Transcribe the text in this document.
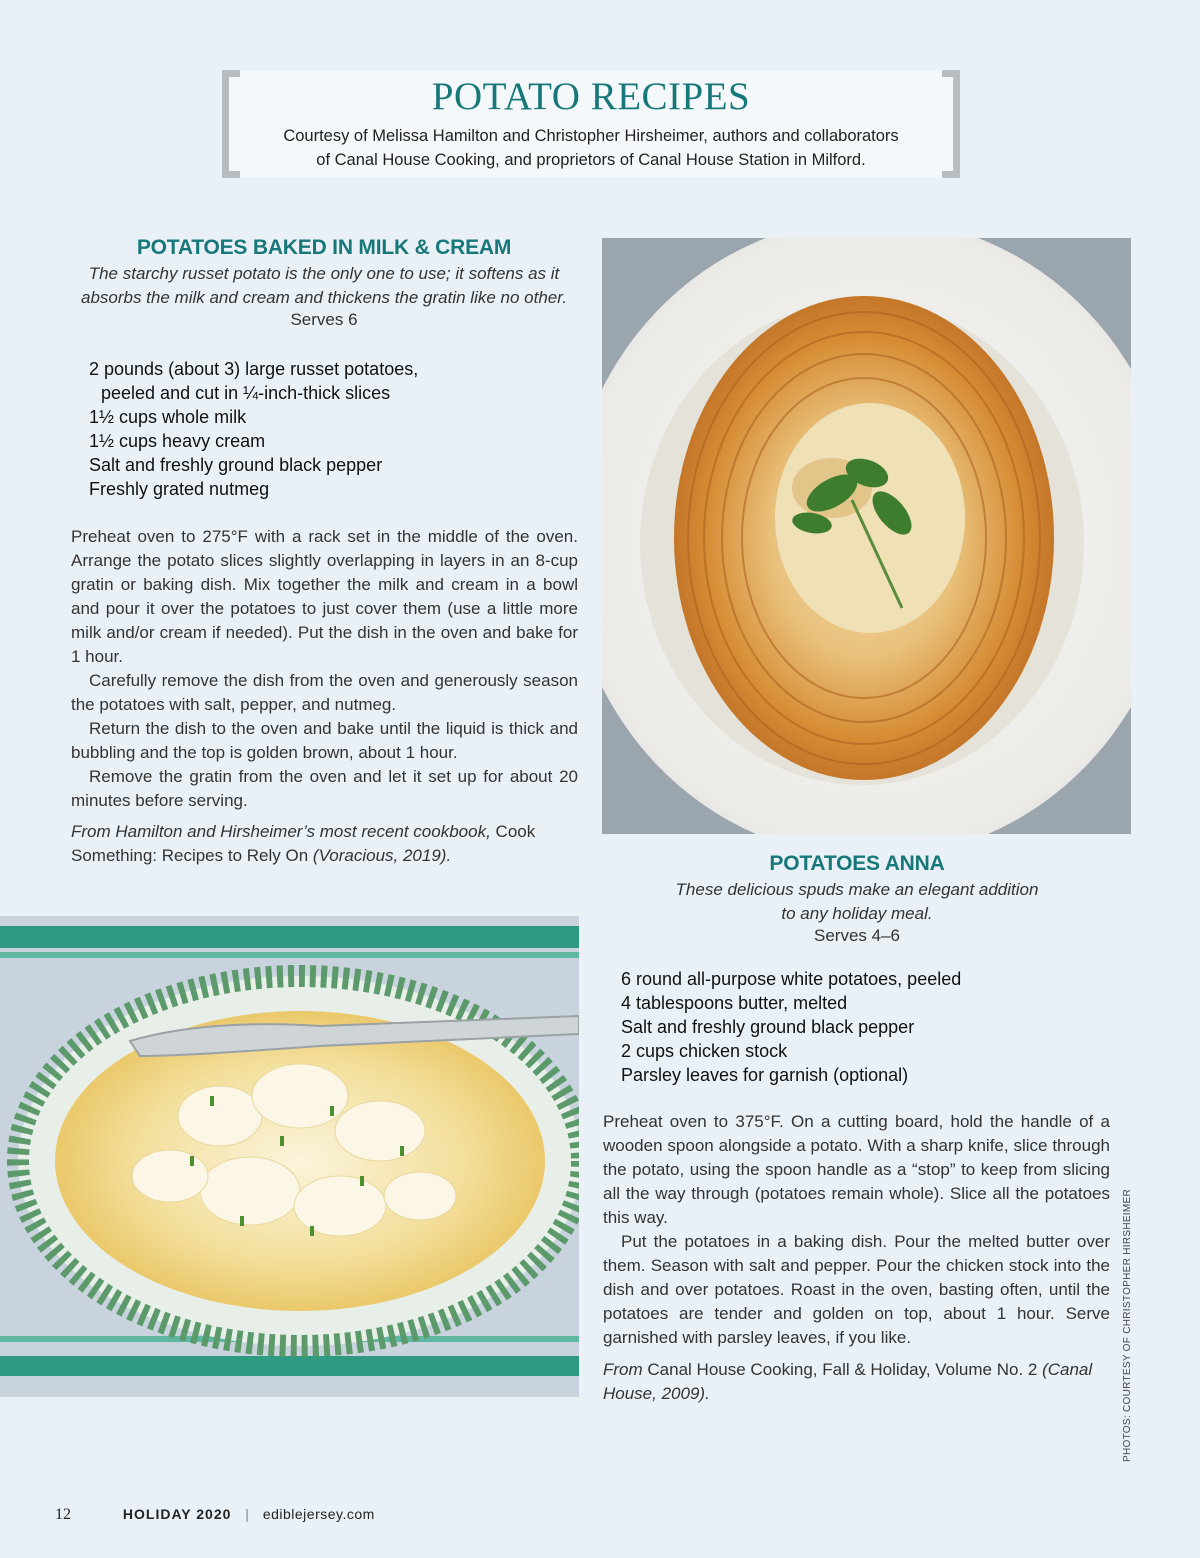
POTATO RECIPES
Courtesy of Melissa Hamilton and Christopher Hirsheimer, authors and collaborators
of Canal House Cooking, and proprietors of Canal House Station in Milford.
POTATOES BAKED IN MILK & CREAM
The starchy russet potato is the only one to use; it softens as it
absorbs the milk and cream and thickens the gratin like no other.
Serves 6
2 pounds (about 3) large russet potatoes,
peeled and cut in ¼-inch-thick slices
1½ cups whole milk
1½ cups heavy cream
Salt and freshly ground black pepper
Freshly grated nutmeg

Preheat oven to 275°F with a rack set in the middle of the oven. Arrange the potato slices slightly overlapping in layers in an 8-cup gratin or baking dish. Mix together the milk and cream in a bowl and pour it over the potatoes to just cover them (use a little more milk and/or cream if needed). Put the dish in the oven and bake for 1 hour.

Carefully remove the dish from the oven and generously season the potatoes with salt, pepper, and nutmeg.

Return the dish to the oven and bake until the liquid is thick and bubbling and the top is golden brown, about 1 hour.

Remove the gratin from the oven and let it set up for about 20 minutes before serving.

From Hamilton and Hirsheimer’s most recent cookbook, Cook Something: Recipes to Rely On (Voracious, 2019).	POTATOES ANNA
These delicious spuds make an elegant addition
to any holiday meal.
Serves 4–6
6 round all-purpose white potatoes, peeled
4 tablespoons butter, melted
Salt and freshly ground black pepper
2 cups chicken stock
Parsley leaves for garnish (optional)

Preheat oven to 375°F. On a cutting board, hold the handle of a wooden spoon alongside a potato. With a sharp knife, slice through the potato, using the spoon handle as a “stop” to keep from slicing all the way through (potatoes remain whole). Slice all the potatoes this way.

Put the potatoes in a baking dish. Pour the melted butter over them. Season with salt and pepper. Pour the chicken stock into the dish and over potatoes. Roast in the oven, basting often, until the potatoes are tender and golden on top, about 1 hour. Serve garnished with parsley leaves, if you like.

From Canal House Cooking, Fall & Holiday, Volume No. 2 (Canal House, 2009).	PHOTOS: COURTESY OF CHRISTOPHER HIRSHEIMER
12	HOLIDAY 2020 | ediblejersey.com
